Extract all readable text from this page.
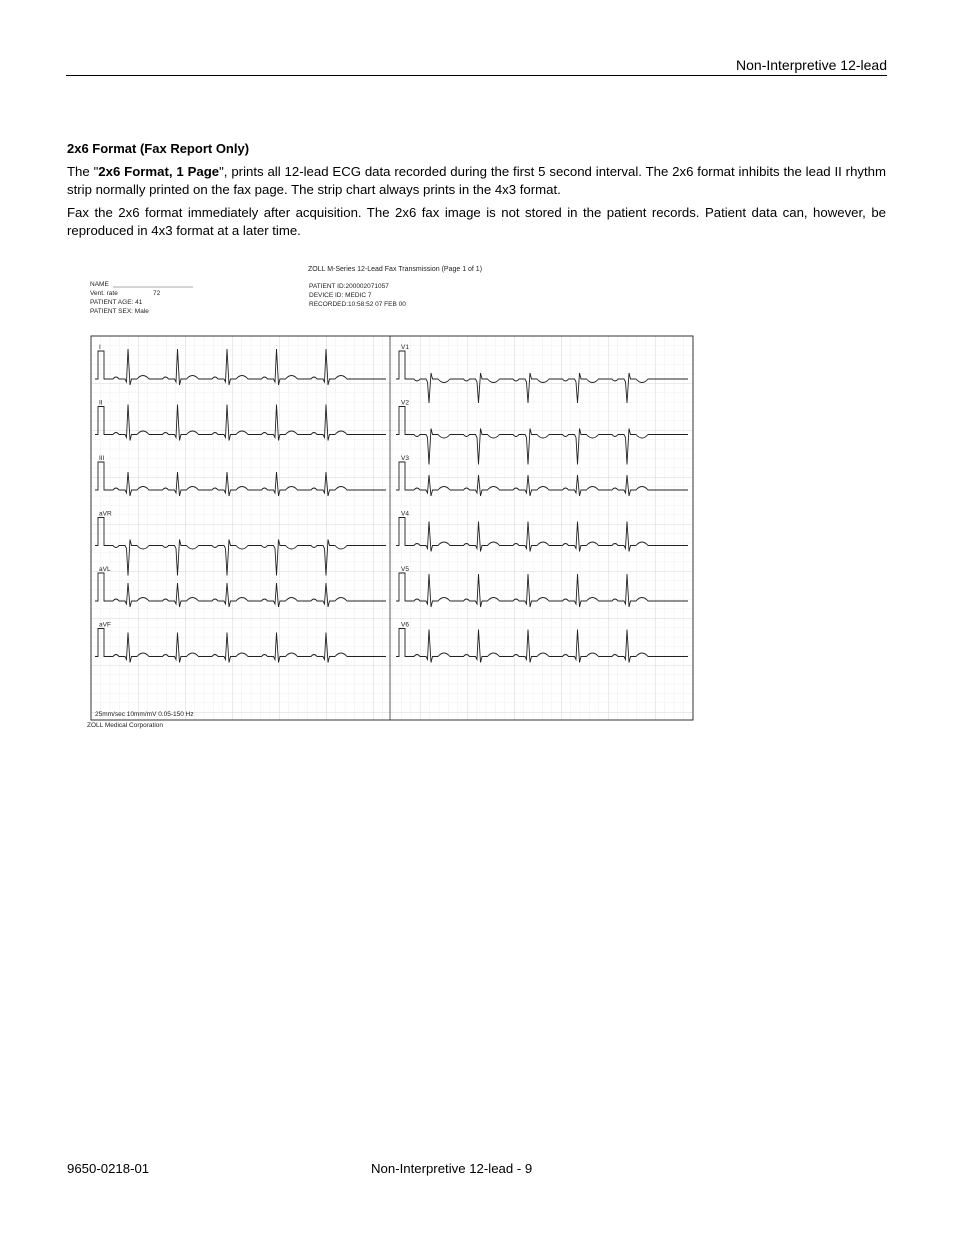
Non-Interpretive 12-lead
2x6 Format (Fax Report Only)

The "2x6 Format, 1 Page", prints all 12-lead ECG data recorded during the first 5 second interval. The 2x6 format inhibits the lead II rhythm strip normally printed on the fax page. The strip chart always prints in the 4x3 format.

Fax the 2x6 format immediately after acquisition. The 2x6 fax image is not stored in the patient records. Patient data can, however, be reproduced in 4x3 format at a later time.

ZOLL M-Series 12-Lead Fax Transmission (Page 1 of 1)
NAME
Vent. rate	72
PATIENT AGE: 41
PATIENT SEX: Male
PATIENT ID:200002071057
DEVICE ID: MEDIC 7
RECORDED:10:58:52 07 FEB 00
I
II
III
aVR
aVL
aVF
V1
V2
V3
V4
V5
V6
25mm/sec 10mm/mV 0.05-150 Hz
ZOLL Medical Corporation
9650-0218-01	Non-Interpretive 12-lead - 9
